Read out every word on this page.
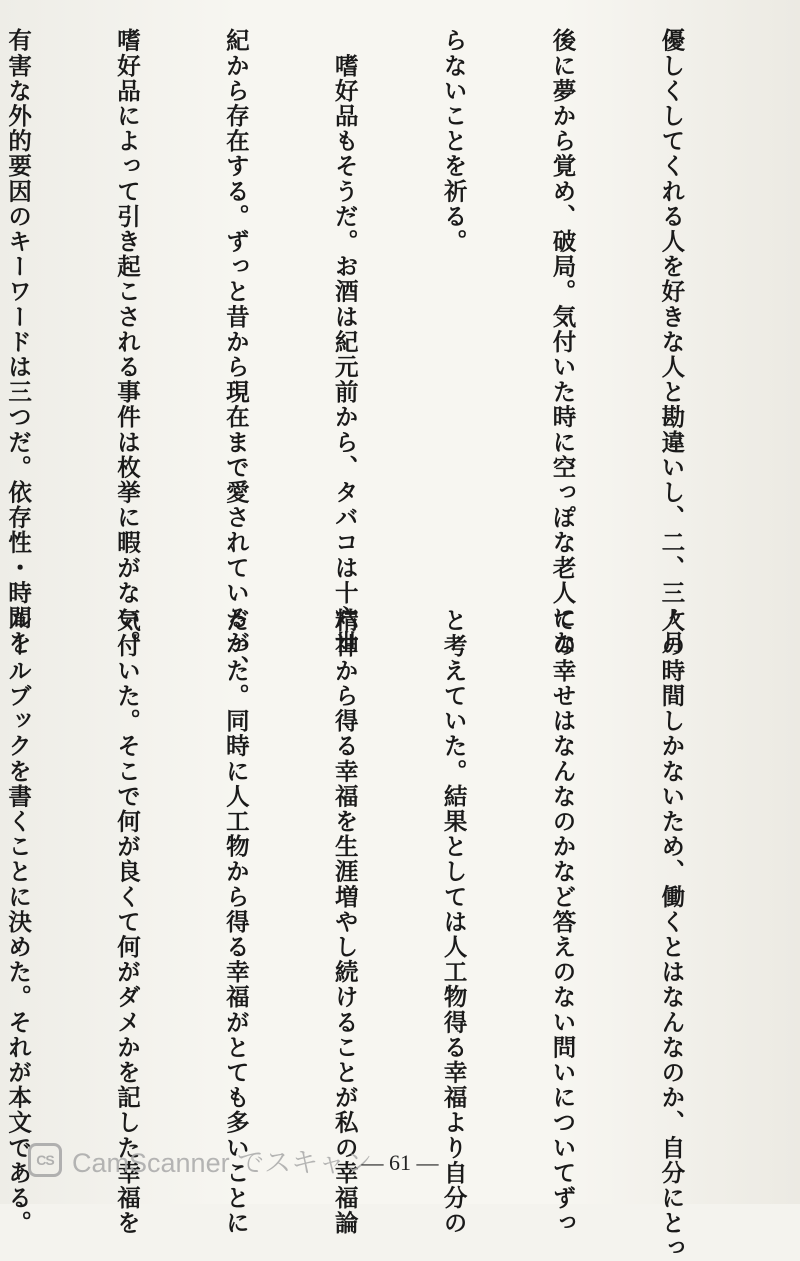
優しくしてくれる人を好きな人と勘違いし、二、三ヶ月

後に夢から覚め、破局。気付いた時に空っぽな老人にな

らないことを祈る。

　嗜好品もそうだ。お酒は紀元前から、タバコは十六世

紀から存在する。ずっと昔から現在まで愛されているが、

嗜好品によって引き起こされる事件は枚挙に暇がない。

有害な外的要因のキーワードは三つだ。依存性・時間を

人の時間しかないため、働くとはなんなのか、自分にとっ

ての幸せはなんなのかなど答えのない問いについてずっ

と考えていた。結果としては人工物得る幸福より自分の

精神から得る幸福を生涯増やし続けることが私の幸福論

だった。同時に人工物から得る幸福がとても多いことに

気付いた。そこで何が良くて何がダメかを記した幸福を

ルールブックを書くことに決めた。それが本文である。

CS CamScanner でスキャン
— 61 —
